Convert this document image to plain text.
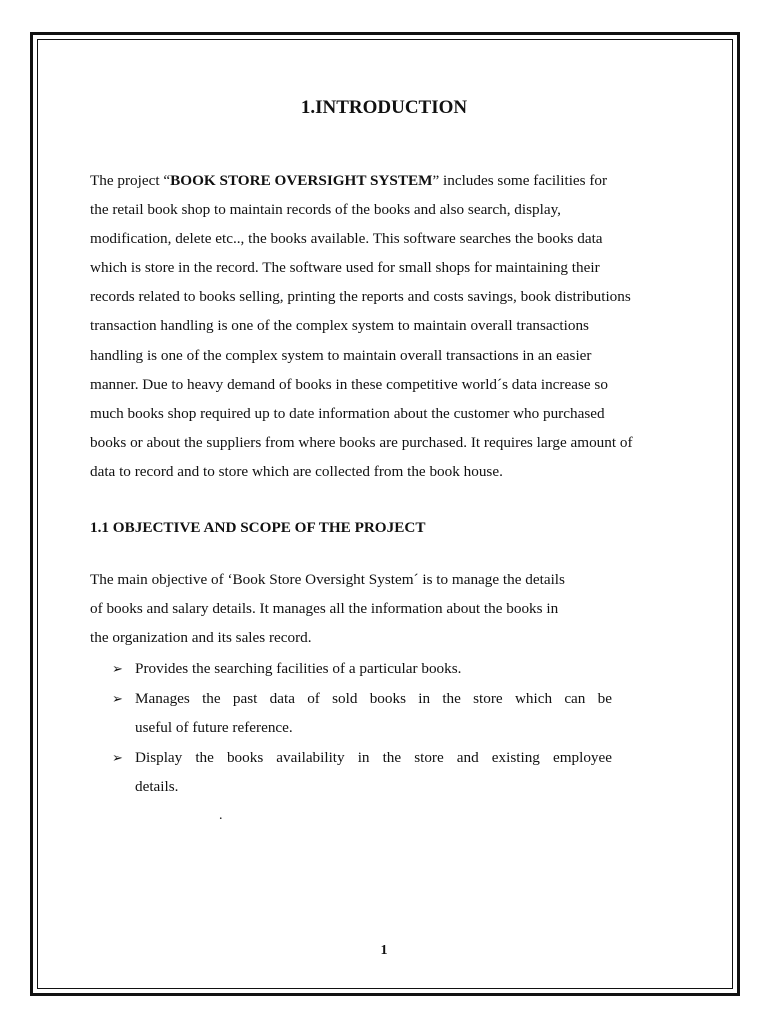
1.INTRODUCTION
The project “BOOK STORE OVERSIGHT SYSTEM” includes some facilities for
the retail book shop to maintain records of the books and also search, display,
modification, delete etc.., the books available. This software searches the books data
which is store in the record. The software used for small shops for maintaining their
records related to books selling, printing the reports and costs savings, book distributions
transaction handling is one of the complex system to maintain overall transactions
handling is one of the complex system to maintain overall transactions in an easier
manner. Due to heavy demand of books in these competitive world´s data increase so
much books shop required up to date information about the customer who purchased
books or about the suppliers from where books are purchased. It requires large amount of
data to record and to store which are collected from the book house.
1.1 OBJECTIVE AND SCOPE OF THE PROJECT
The main objective of ‘Book Store Oversight System´ is to manage the details
of books and salary details. It manages all the information about the books in
the organization and its sales record.
➢ Provides the searching facilities of a particular books.
➢ Manages the past data of sold books in the store which can be
useful of future reference.
➢ Display the books availability in the store and existing employee
details.
.
1
